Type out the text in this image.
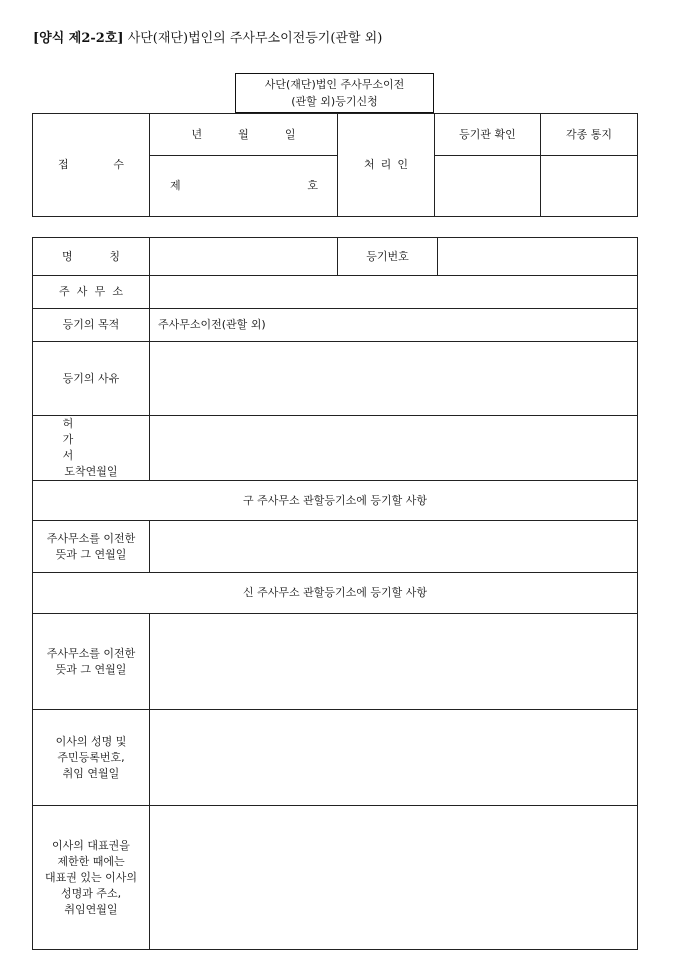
[양식 제2-2호] 사단(재단)법인의 주사무소이전등기(관할 외)
사단(재단)법인 주사무소이전
(관할 외)등기신청
접 수	년 월 일	처 리 인	등기관 확인	각종 통지

	제 호			

명 칭		등기번호	

주 사 무 소			

등기의 목적	주사무소이전(관할 외)		
등기의 사유			

허
가
서
도착연월일			

구 주사무소 관할등기소에 등기할 사항			

주사무소를 이전한
뜻과 그 연월일			

신 주사무소 관할등기소에 등기할 사항			

주사무소를 이전한
뜻과 그 연월일			

이사의 성명 및
주민등록번호,
취임 연월일			

이사의 대표권을
제한한 때에는
대표권 있는 이사의
성명과 주소,
취임연월일			
